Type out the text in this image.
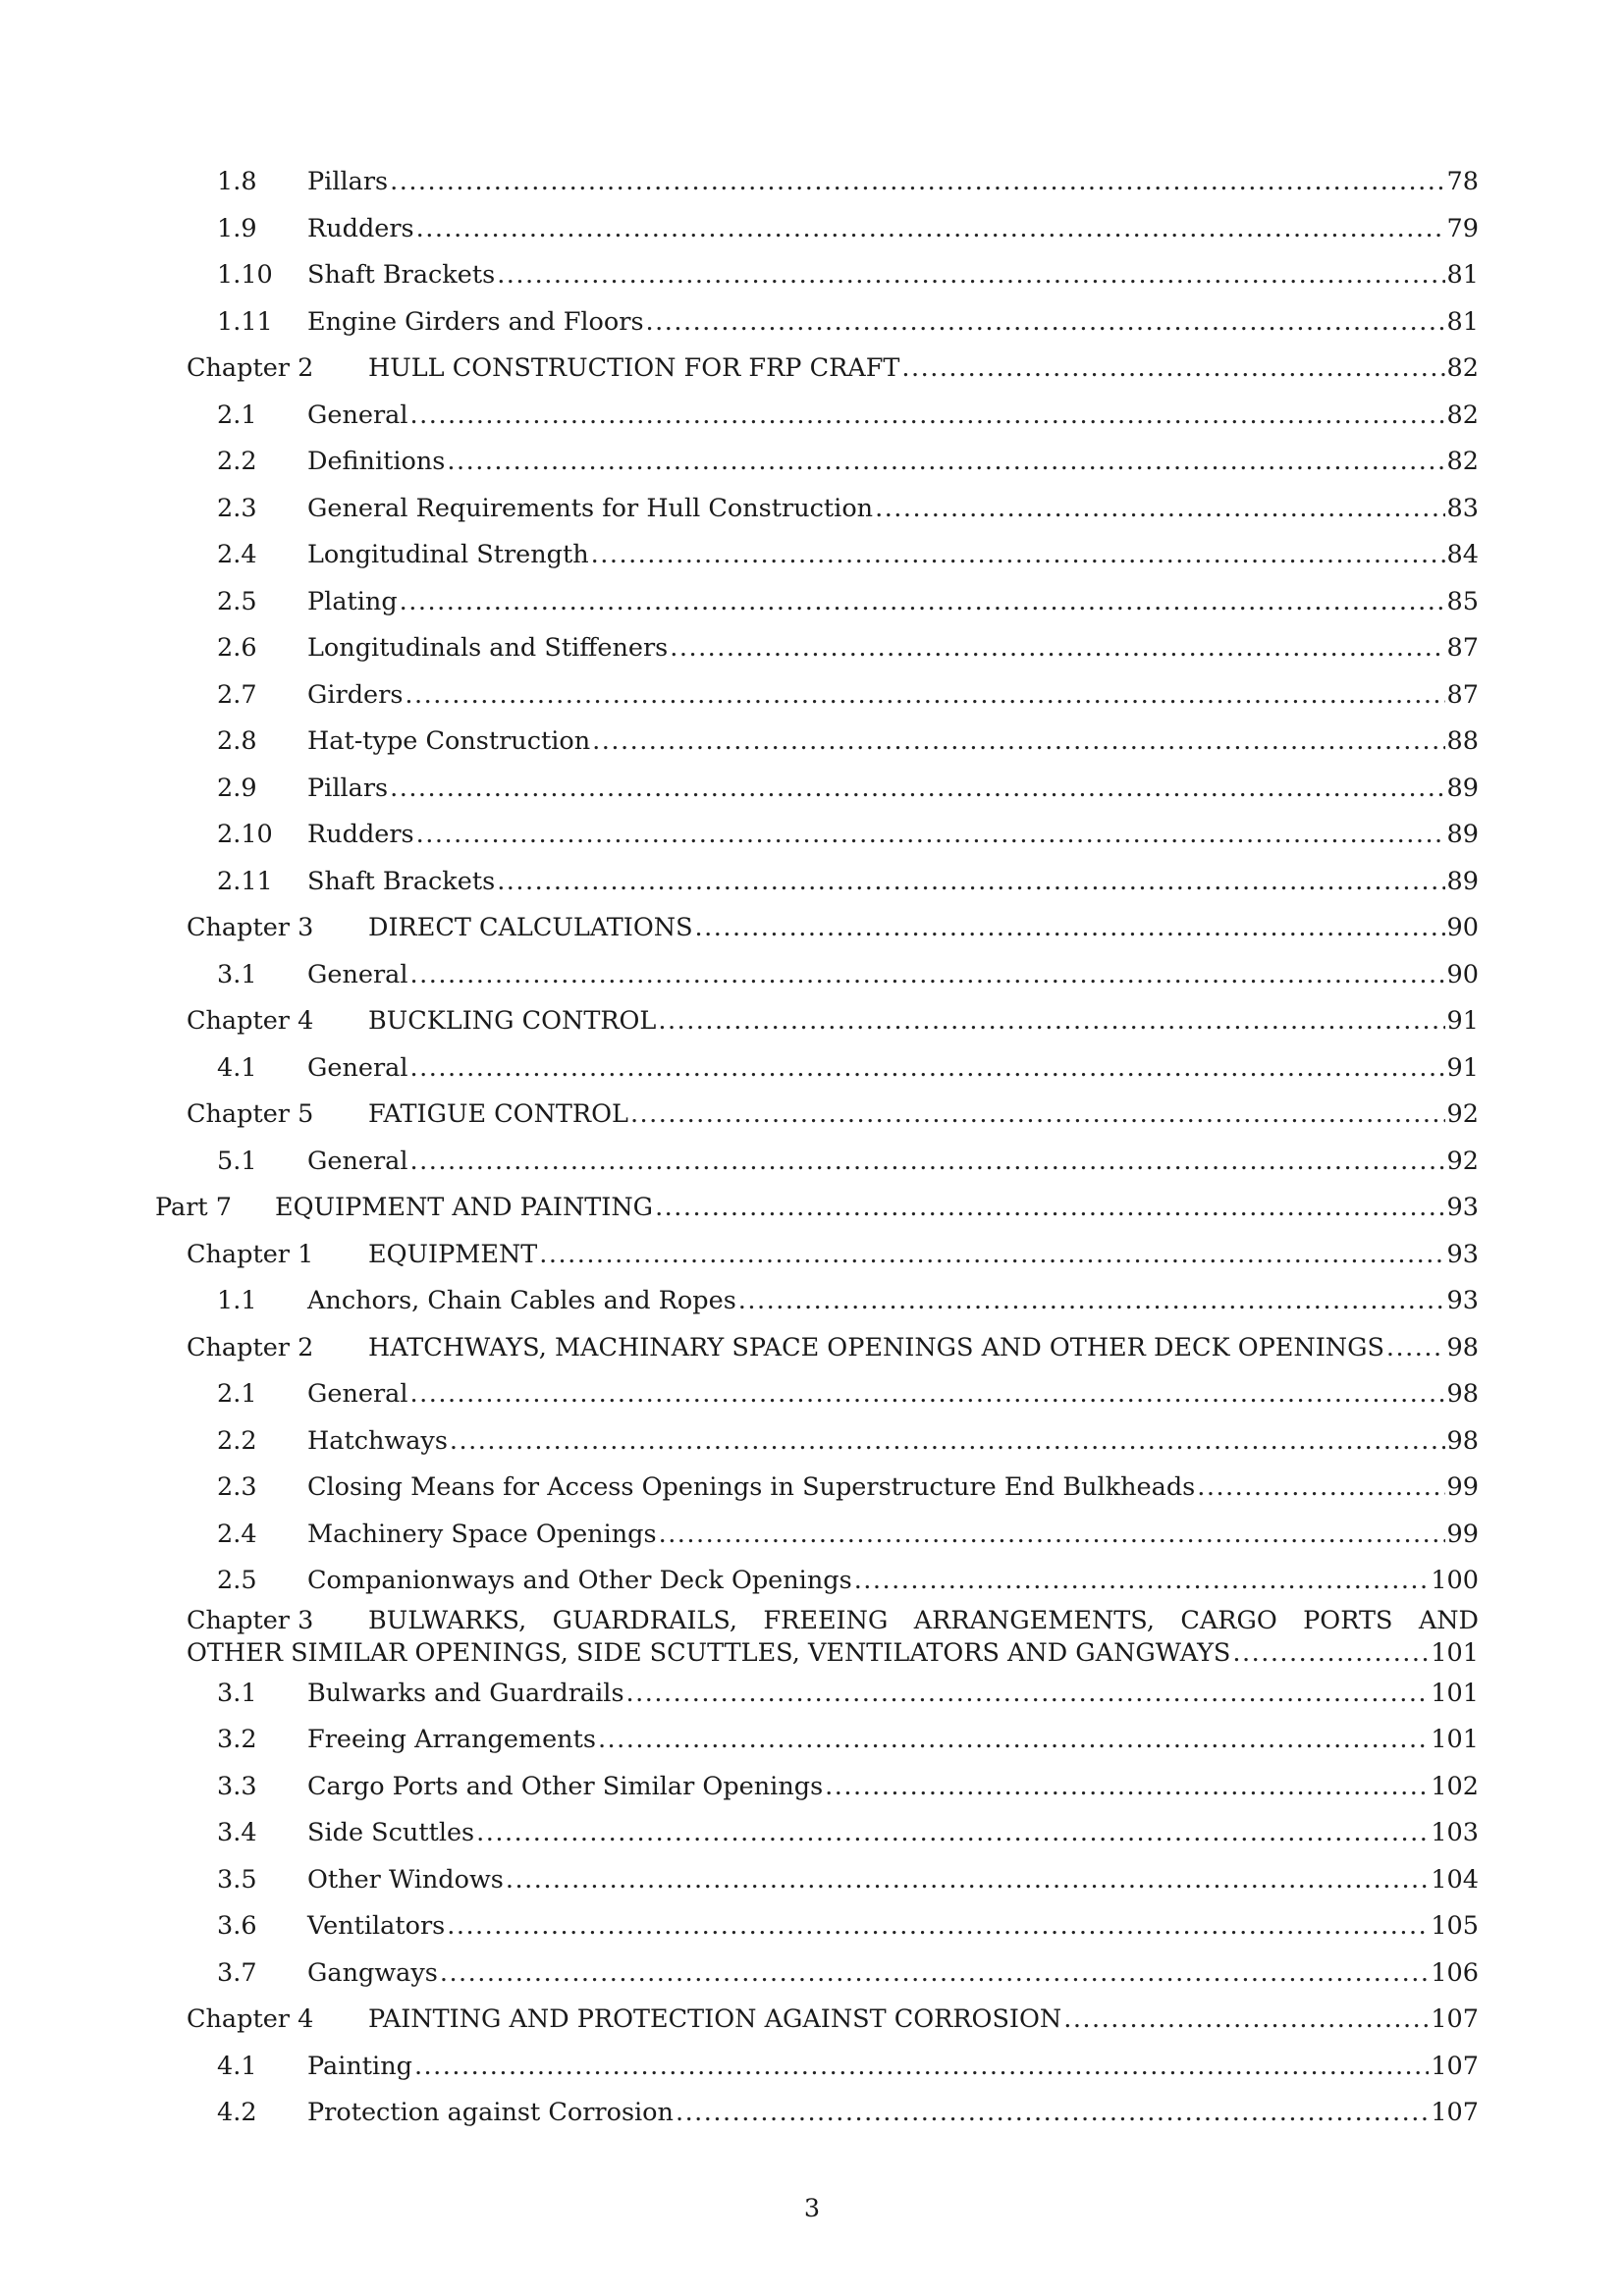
1.8	Pillars .....	78
1.9	Rudders .....	79
1.10	Shaft Brackets .....	81
1.11	Engine Girders and Floors .....	81
Chapter 2	HULL CONSTRUCTION FOR FRP CRAFT .....	82
2.1	General .....	82
2.2	Definitions .....	82
2.3	General Requirements for Hull Construction .....	83
2.4	Longitudinal Strength .....	84
2.5	Plating .....	85
2.6	Longitudinals and Stiffeners .....	87
2.7	Girders .....	87
2.8	Hat-type Construction .....	88
2.9	Pillars .....	89
2.10	Rudders .....	89
2.11	Shaft Brackets .....	89
Chapter 3	DIRECT CALCULATIONS .....	90
3.1	General .....	90
Chapter 4	BUCKLING CONTROL .....	91
4.1	General .....	91
Chapter 5	FATIGUE CONTROL .....	92
5.1	General .....	92
Part 7	EQUIPMENT AND PAINTING .....	93
Chapter 1	EQUIPMENT .....	93
1.1	Anchors, Chain Cables and Ropes .....	93
Chapter 2	HATCHWAYS, MACHINARY SPACE OPENINGS AND OTHER DECK OPENINGS ..... 98
2.1	General .....	98
2.2	Hatchways .....	98
2.3	Closing Means for Access Openings in Superstructure End Bulkheads .....	99
2.4	Machinery Space Openings .....	99
2.5	Companionways and Other Deck Openings .....	100
Chapter 3	BULWARKS, GUARDRAILS, FREEING ARRANGEMENTS, CARGO PORTS AND
OTHER SIMILAR OPENINGS, SIDE SCUTTLES, VENTILATORS AND GANGWAYS .....	101
3.1	Bulwarks and Guardrails .....	101
3.2	Freeing Arrangements .....	101
3.3	Cargo Ports and Other Similar Openings .....	102
3.4	Side Scuttles .....	103
3.5	Other Windows .....	104
3.6	Ventilators .....	105
3.7	Gangways .....	106
Chapter 4	PAINTING AND PROTECTION AGAINST CORROSION .....	107
4.1	Painting .....	107
4.2	Protection against Corrosion .....	107
3
